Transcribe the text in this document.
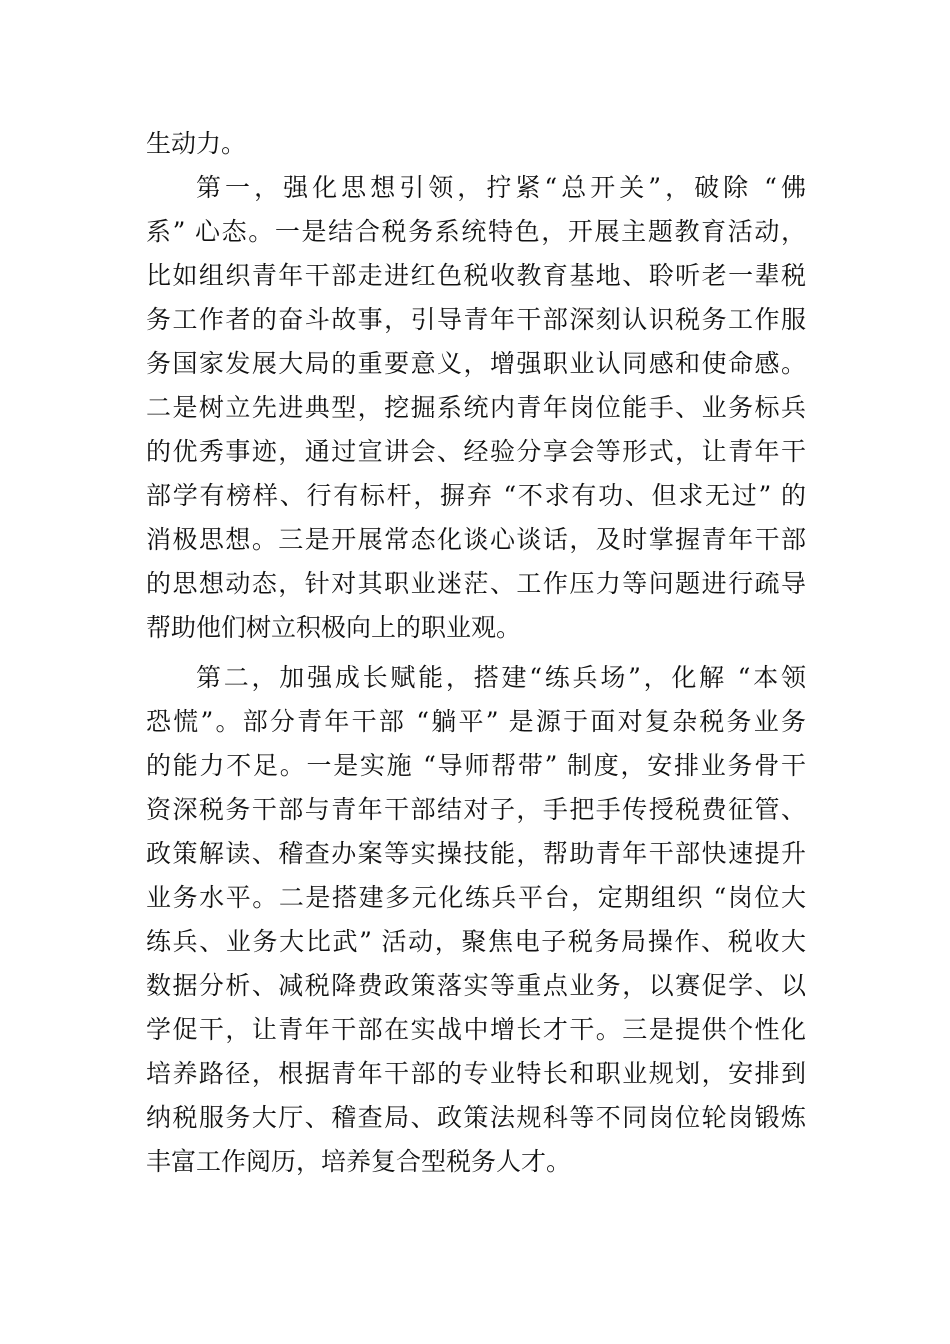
生动力。
第一，强化思想引领，拧紧“总开关”，破除 “佛
系” 心态。一是结合税务系统特色，开展主题教育活动，
比如组织青年干部走进红色税收教育基地、聆听老一辈税
务工作者的奋斗故事，引导青年干部深刻认识税务工作服
务国家发展大局的重要意义，增强职业认同感和使命感。
二是树立先进典型，挖掘系统内青年岗位能手、业务标兵
的优秀事迹，通过宣讲会、经验分享会等形式，让青年干
部学有榜样、行有标杆，摒弃 “不求有功、但求无过” 的
消极思想。三是开展常态化谈心谈话，及时掌握青年干部
的思想动态，针对其职业迷茫、工作压力等问题进行疏导
帮助他们树立积极向上的职业观。
第二，加强成长赋能，搭建“练兵场”，化解 “本领
恐慌”。部分青年干部 “躺平” 是源于面对复杂税务业务
的能力不足。一是实施 “导师帮带” 制度，安排业务骨干
资深税务干部与青年干部结对子，手把手传授税费征管、
政策解读、稽查办案等实操技能，帮助青年干部快速提升
业务水平。二是搭建多元化练兵平台，定期组织 “岗位大
练兵、业务大比武” 活动，聚焦电子税务局操作、税收大
数据分析、减税降费政策落实等重点业务，以赛促学、以
学促干，让青年干部在实战中增长才干。三是提供个性化
培养路径，根据青年干部的专业特长和职业规划，安排到
纳税服务大厅、稽查局、政策法规科等不同岗位轮岗锻炼
丰富工作阅历，培养复合型税务人才。
